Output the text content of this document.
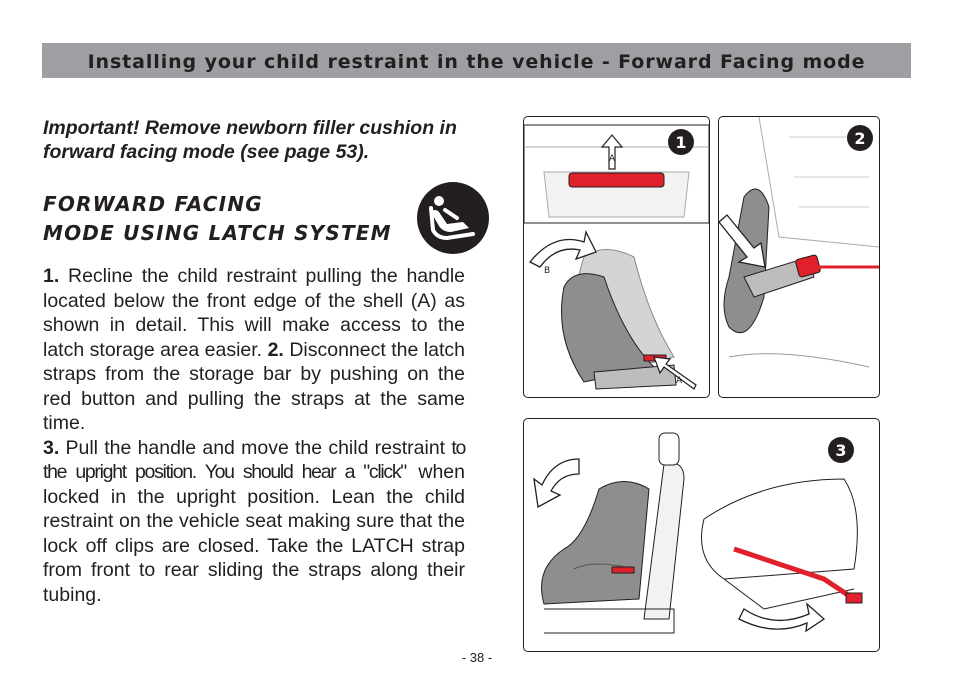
Installing your child restraint in the vehicle - Forward Facing mode
Important! Remove newborn filler cushion in forward facing mode (see page 53).
FORWARD FACING
MODE USING LATCH SYSTEM

1. Recline the child restraint pulling the handle located below the front edge of the shell (A) as shown in detail. This will make access to the latch storage area easier. 2. Disconnect the latch straps from the storage bar by pushing on the red button and pulling the straps at the same time.

3. Pull the handle and move the child restraint to the upright position. You should hear a "click" when locked in the upright position. Lean the child restraint on the vehicle seat making sure that the lock off clips are closed. Take the LATCH strap from front to rear sliding the straps along their tubing.

A
B
A
1	2
3
- 38 -
